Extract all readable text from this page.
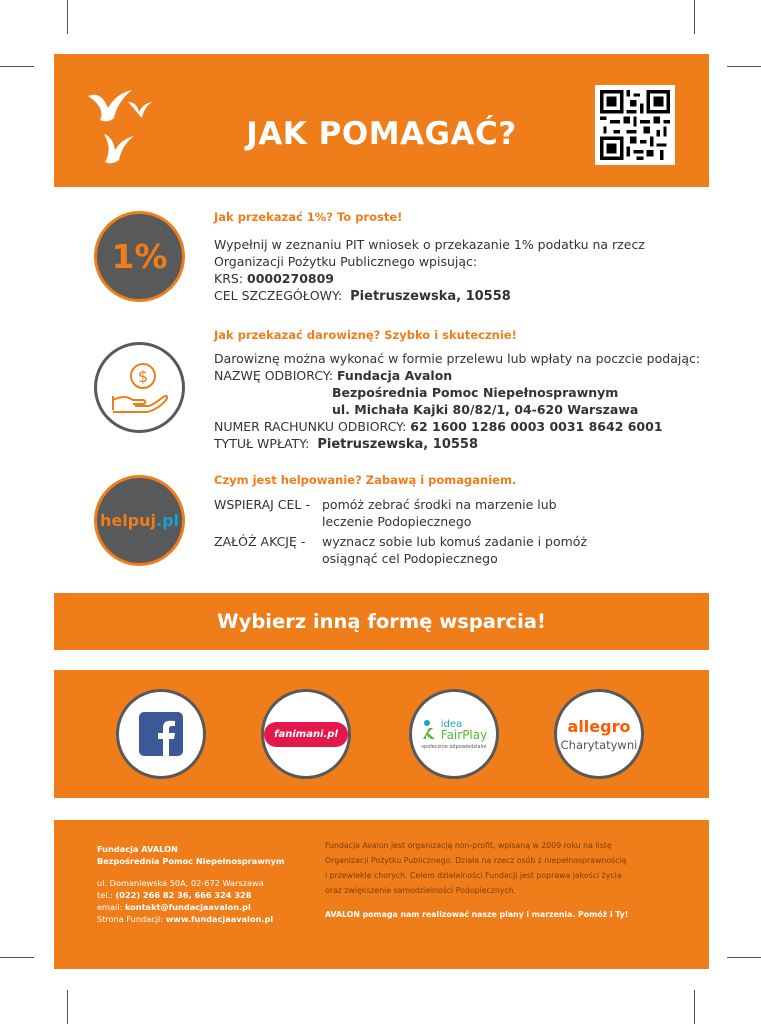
JAK POMAGAĆ?
1%
Jak przekazać 1%? To proste!
Wypełnij w zeznaniu PIT wniosek o przekazanie 1% podatku na rzecz
Organizacji Pożytku Publicznego wpisując:
KRS: 0000270809
CEL SZCZEGÓŁOWY: Pietruszewska, 10558
$
Jak przekazać darowiznę? Szybko i skutecznie!
Darowiznę można wykonać w formie przelewu lub wpłaty na poczcie podając:
NAZWĘ ODBIORCY: Fundacja Avalon
Bezpośrednia Pomoc Niepełnosprawnym
ul. Michała Kajki 80/82/1, 04-620 Warszawa
NUMER RACHUNKU ODBIORCY: 62 1600 1286 0003 0031 8642 6001
TYTUŁ WPŁATY: Pietruszewska, 10558
helpuj.pl
Czym jest helpowanie? Zabawą i pomaganiem.
WSPIERAJ CEL - pomóż zebrać środki na marzenie lub
leczenie Podopiecznego
ZAŁÓŻ AKCJĘ - wyznacz sobie lub komuś zadanie i pomóż
osiągnąć cel Podopiecznego
Wybierz inną formę wsparcia!
fanimani.pl
idea
FairPlay
społecznie odpowiedzialni
allegro
Charytatywni
Fundacja AVALON
Bezpośrednia Pomoc Niepełnosprawnym
ul. Domaniewska 50A, 02-672 Warszawa
tel.: (022) 266 82 36, 666 324 328
email: kontakt@fundacjaavalon.pl
Strona Fundacji: www.fundacjaavalon.pl
Fundacja Avalon jest organizacją non-profit, wpisaną w 2009 roku na listę
Organizacji Pożytku Publicznego. Działa na rzecz osób z niepełnosprawnością
i przewlekle chorych. Celem działalności Fundacji jest poprawa jakości życia
oraz zwiększenie samodzielności Podopiecznych.
AVALON pomaga nam realizować nasze plany i marzenia. Pomóż i Ty!
